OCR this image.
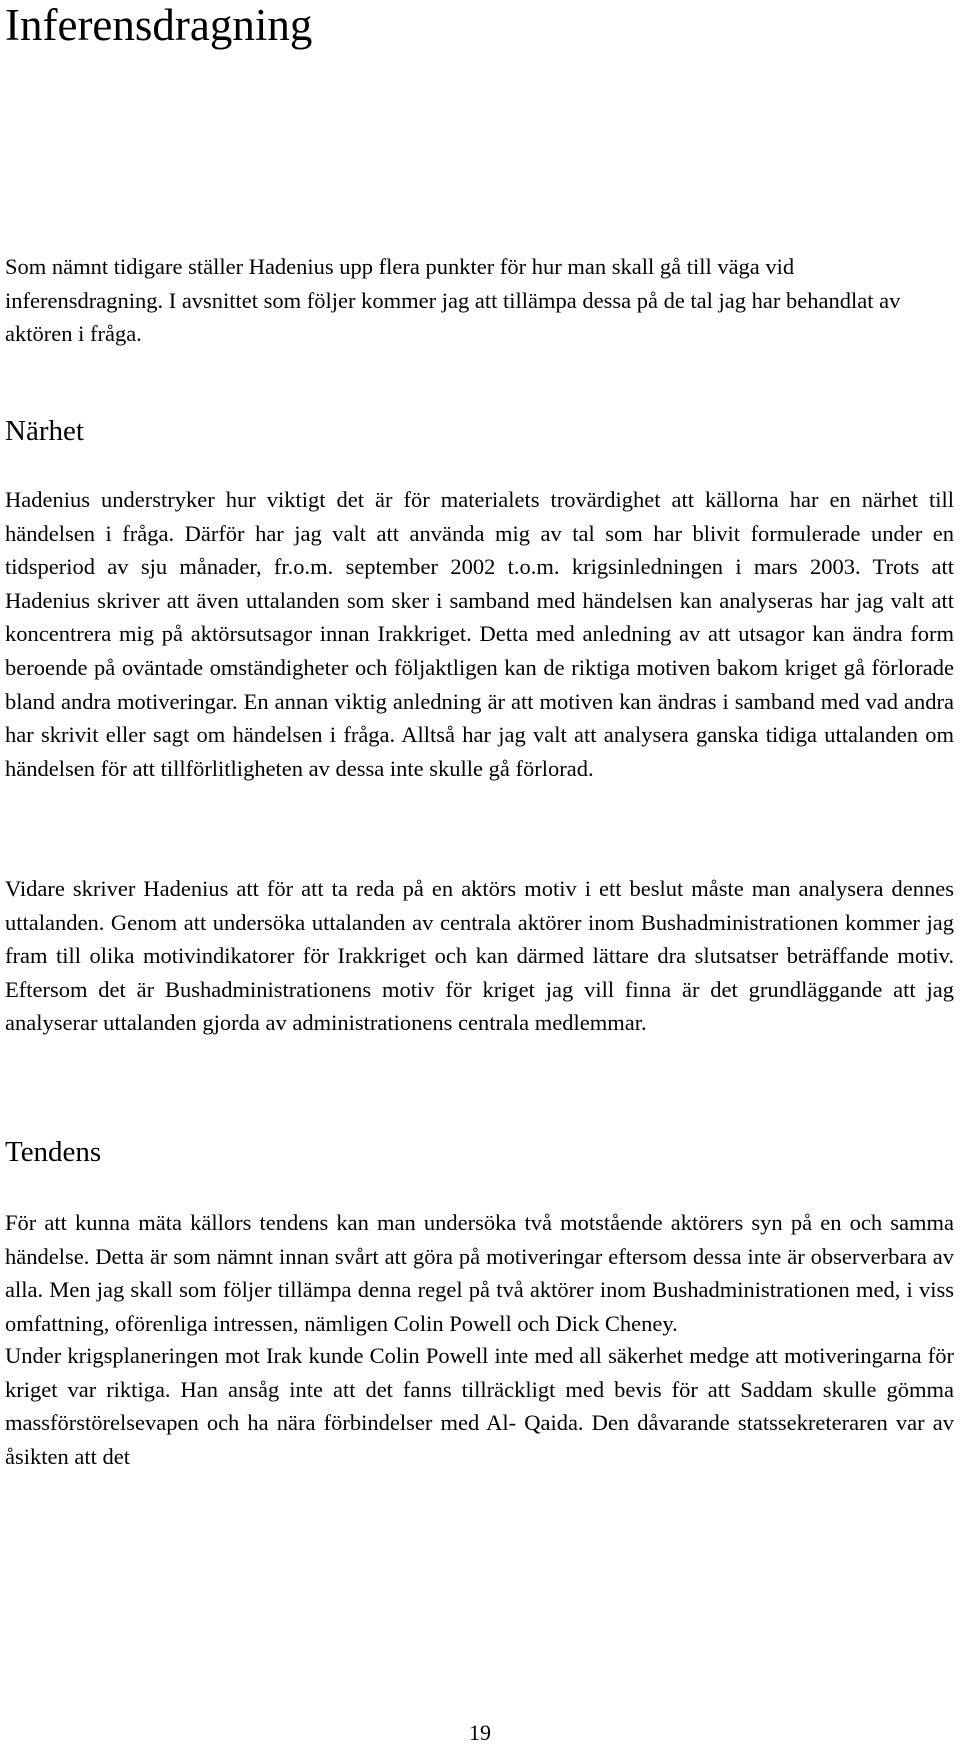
Inferensdragning

Som nämnt tidigare ställer Hadenius upp flera punkter för hur man skall gå till väga vid inferensdragning. I avsnittet som följer kommer jag att tillämpa dessa på de tal jag har behandlat av aktören i fråga.

Närhet

Hadenius understryker hur viktigt det är för materialets trovärdighet att källorna har en närhet till händelsen i fråga. Därför har jag valt att använda mig av tal som har blivit formulerade under en tidsperiod av sju månader, fr.o.m. september 2002 t.o.m. krigsinledningen i mars 2003. Trots att Hadenius skriver att även uttalanden som sker i samband med händelsen kan analyseras har jag valt att koncentrera mig på aktörsutsagor innan Irakkriget. Detta med anledning av att utsagor kan ändra form beroende på oväntade omständigheter och följaktligen kan de riktiga motiven bakom kriget gå förlorade bland andra motiveringar. En annan viktig anledning är att motiven kan ändras i samband med vad andra har skrivit eller sagt om händelsen i fråga. Alltså har jag valt att analysera ganska tidiga uttalanden om händelsen för att tillförlitligheten av dessa inte skulle gå förlorad.

Vidare skriver Hadenius att för att ta reda på en aktörs motiv i ett beslut måste man analysera dennes uttalanden. Genom att undersöka uttalanden av centrala aktörer inom Bushadministrationen kommer jag fram till olika motivindikatorer för Irakkriget och kan därmed lättare dra slutsatser beträffande motiv. Eftersom det är Bushadministrationens motiv för kriget jag vill finna är det grundläggande att jag analyserar uttalanden gjorda av administrationens centrala medlemmar.

Tendens

För att kunna mäta källors tendens kan man undersöka två motstående aktörers syn på en och samma händelse. Detta är som nämnt innan svårt att göra på motiveringar eftersom dessa inte är observerbara av alla. Men jag skall som följer tillämpa denna regel på två aktörer inom Bushadministrationen med, i viss omfattning, oförenliga intressen, nämligen Colin Powell och Dick Cheney.

Under krigsplaneringen mot Irak kunde Colin Powell inte med all säkerhet medge att motiveringarna för kriget var riktiga. Han ansåg inte att det fanns tillräckligt med bevis för att Saddam skulle gömma massförstörelsevapen och ha nära förbindelser med Al- Qaida. Den dåvarande statssekreteraren var av åsikten att det

19
